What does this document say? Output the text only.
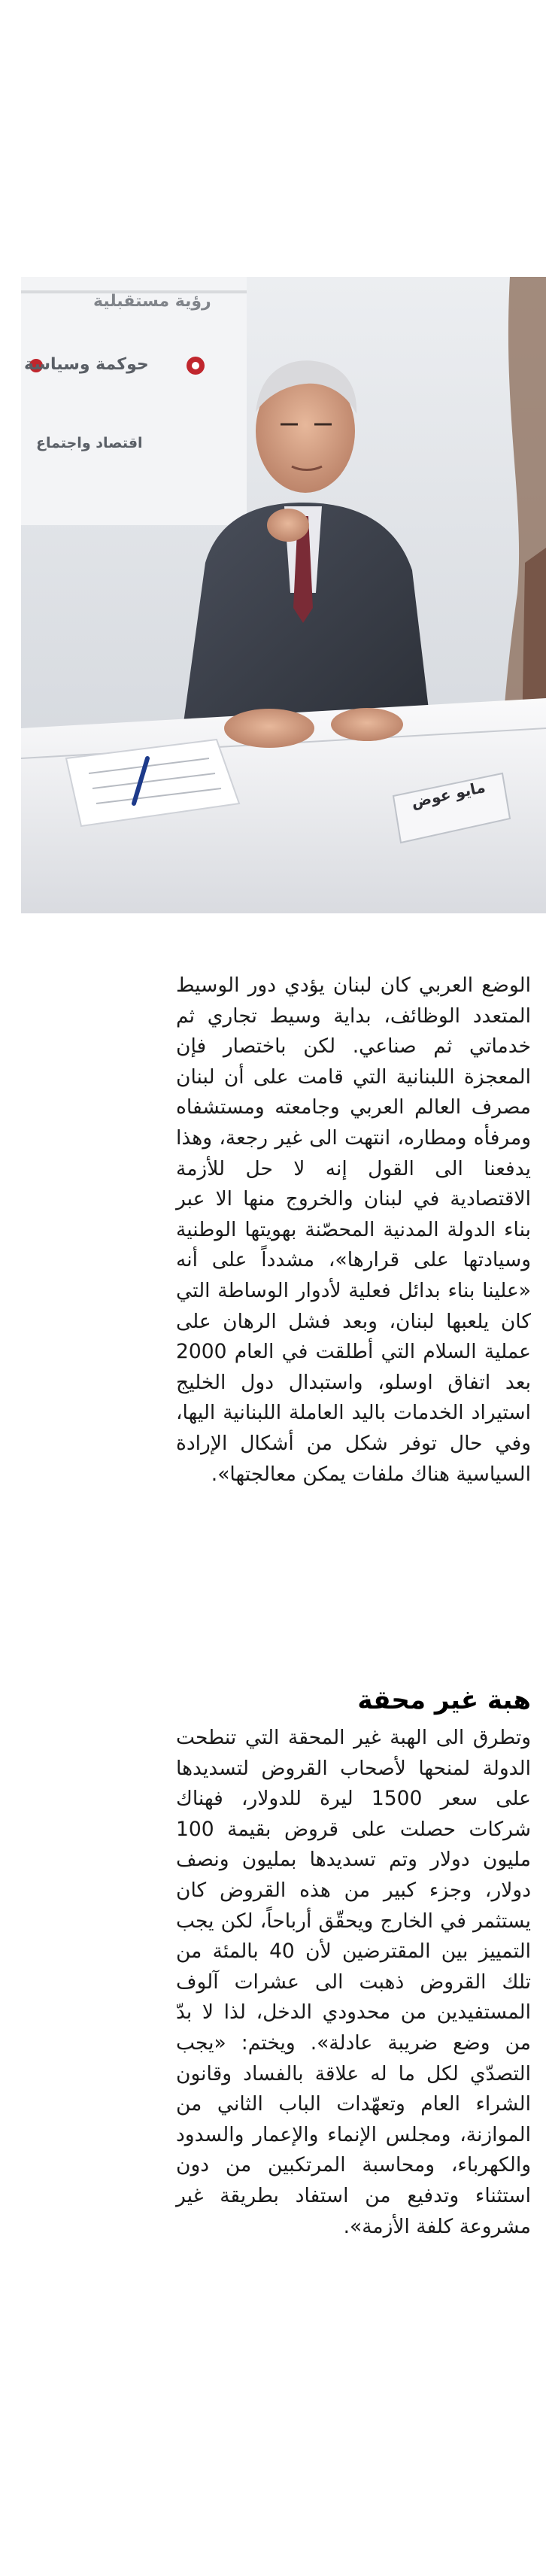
رؤية مستقبلية
حوكمة وسياسة
اقتصاد واجتماع
مايو عوض

الوضع العربي كان لبنان يؤدي دور الوسيط المتعدد الوظائف، بداية وسيط تجاري ثم خدماتي ثم صناعي. لكن باختصار فإن المعجزة اللبنانية التي قامت على أن لبنان مصرف العالم العربي وجامعته ومستشفاه ومرفأه ومطاره، انتهت الى غير رجعة، وهذا يدفعنا الى القول إنه لا حل للأزمة الاقتصادية في لبنان والخروج منها الا عبر بناء الدولة المدنية المحصّنة بهويتها الوطنية وسيادتها على قرارها»، مشدداً على أنه «علينا بناء بدائل فعلية لأدوار الوساطة التي كان يلعبها لبنان، وبعد فشل الرهان على عملية السلام التي أطلقت في العام 2000 بعد اتفاق اوسلو، واستبدال دول الخليج استيراد الخدمات باليد العاملة اللبنانية اليها، وفي حال توفر شكل من أشكال الإرادة السياسية هناك ملفات يمكن معالجتها».

هبة غير محقة

وتطرق الى الهبة غير المحقة التي تنطحت الدولة لمنحها لأصحاب القروض لتسديدها على سعر 1500 ليرة للدولار، فهناك شركات حصلت على قروض بقيمة 100 مليون دولار وتم تسديدها بمليون ونصف دولار، وجزء كبير من هذه القروض كان يستثمر في الخارج ويحقّق أرباحاً، لكن يجب التمييز بين المقترضين لأن 40 بالمئة من تلك القروض ذهبت الى عشرات آلوف المستفيدين من محدودي الدخل، لذا لا بدّ من وضع ضريبة عادلة». ويختم: «يجب التصدّي لكل ما له علاقة بالفساد وقانون الشراء العام وتعهّدات الباب الثاني من الموازنة، ومجلس الإنماء والإعمار والسدود والكهرباء، ومحاسبة المرتكبين من دون استثناء وتدفيع من استفاد بطريقة غير مشروعة كلفة الأزمة».
